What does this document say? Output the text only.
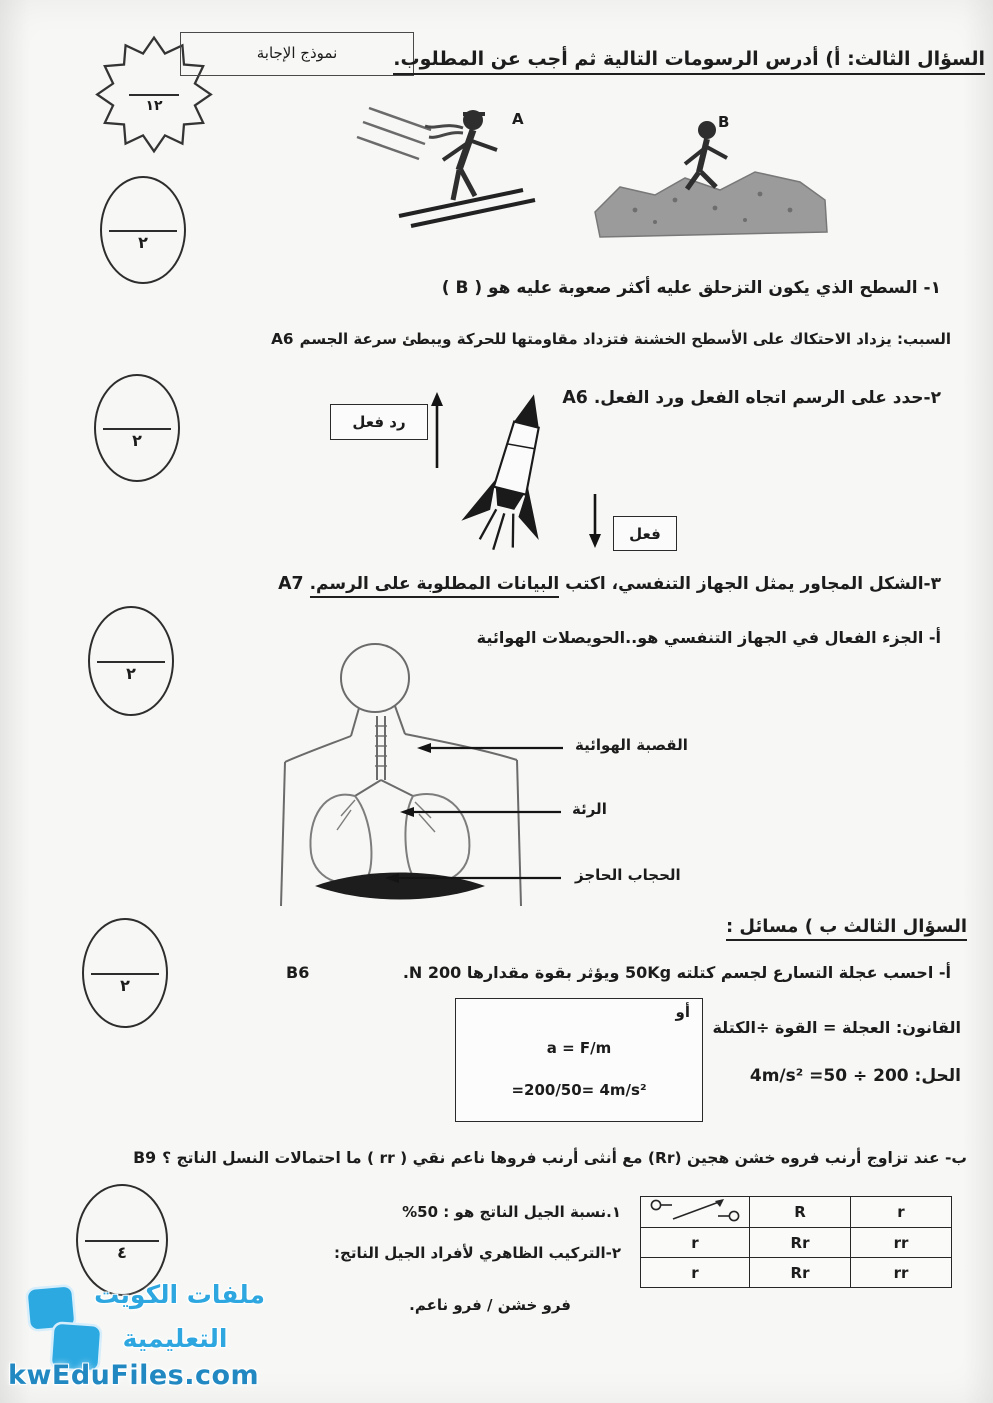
١٢
نموذج الإجابة	السؤال الثالث: أ) أدرس الرسومات التالية ثم أجب عن المطلوب.
A	B
١- السطح الذي يكون التزحلق عليه أكثر صعوبة عليه هو ( B )
السبب: يزداد الاحتكاك على الأسطح الخشنة فتزداد مقاومتها للحركة ويبطئ سرعة الجسمA6
٢
٢-حدد على الرسم اتجاه الفعل ورد الفعل.A6
٢
رد فعل
فعل
٣-الشكل المجاور يمثل الجهاز التنفسي، اكتب البيانات المطلوبة على الرسم.A7
أ- الجزء الفعال في الجهاز التنفسي هو..الحويصلات الهوائية
٢
القصبة الهوائية
الرئة
الحجاب الحاجز
السؤال الثالث ب ) مسائل :
٢
أ- احسب عجلة التسارع لجسم كتلته 50Kg ويؤثر بقوة مقدارها 200 N.
B6
القانون: العجلة = القوة ÷الكتلة
أو
a = F/m
=200/50= 4m/s²
الحل: 200 ÷ 50= 4m/s²
ب- عند تزاوج أرنب فروه خشن هجين (Rr) مع أنثى أرنب فروها ناعم نقي ( rr ) ما احتمالات النسل الناتج ؟B9
١.نسبة الجيل الناتج هو : 50%
		R	r
r	Rr	rr
r	Rr	rr
٢-التركيب الظاهري لأفراد الجيل الناتج:
فرو خشن / فرو ناعم.
٤
ملفات الكويت
التعليمية
kwEduFiles.com
